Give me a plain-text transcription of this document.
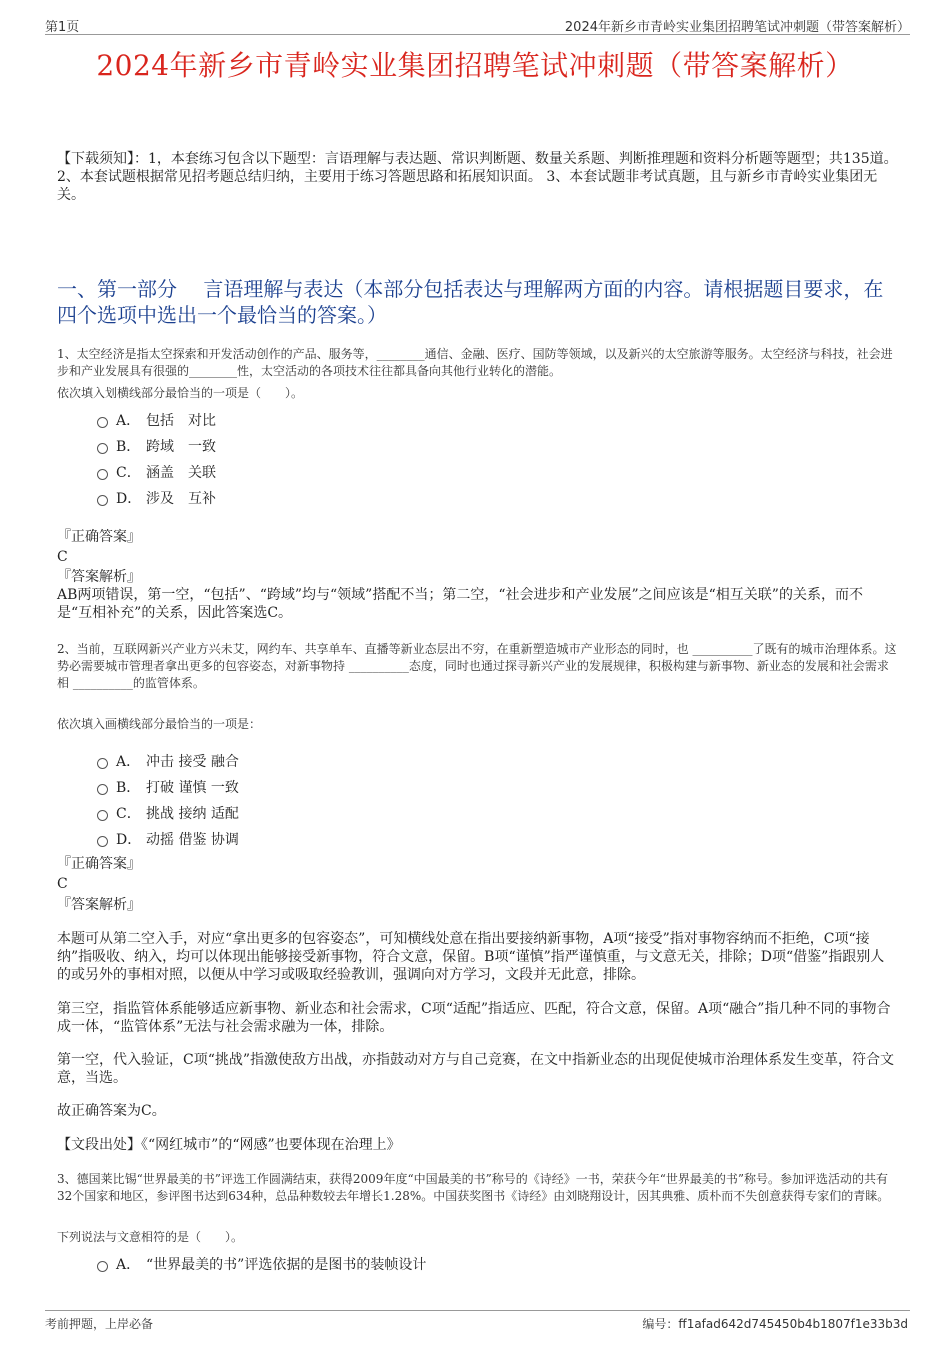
第1页	2024年新乡市青岭实业集团招聘笔试冲刺题（带答案解析）
2024年新乡市青岭实业集团招聘笔试冲刺题（带答案解析）
【下载须知】：1，本套练习包含以下题型：言语理解与表达题、常识判断题、数量关系题、判断推理题和资料分析题等题型；共135道。 2、本套试题根据常见招考题总结归纳，主要用于练习答题思路和拓展知识面。 3、本套试题非考试真题，且与新乡市青岭实业集团无关。
一、第一部分　 言语理解与表达（本部分包括表达与理解两方面的内容。请根据题目要求，在四个选项中选出一个最恰当的答案。）
1、太空经济是指太空探索和开发活动创作的产品、服务等，________通信、金融、医疗、国防等领域，以及新兴的太空旅游等服务。太空经济与科技，社会进步和产业发展具有很强的________性，太空活动的各项技术往往都具备向其他行业转化的潜能。
依次填入划横线部分最恰当的一项是（　　）。
A． 包括　对比
B． 跨域　一致
C． 涵盖　关联
D． 涉及　互补
『正确答案』
C
『答案解析』
AB两项错误，第一空，“包括”、“跨域”均与“领域”搭配不当；第二空，“社会进步和产业发展”之间应该是“相互关联”的关系，而不是“互相补充”的关系，因此答案选C。
2、当前，互联网新兴产业方兴未艾，网约车、共享单车、直播等新业态层出不穷，在重新塑造城市产业形态的同时，也 __________了既有的城市治理体系。这势必需要城市管理者拿出更多的包容姿态，对新事物持 __________态度，同时也通过探寻新兴产业的发展规律，积极构建与新事物、新业态的发展和社会需求相 __________的监管体系。
依次填入画横线部分最恰当的一项是：
A． 冲击 接受 融合
B． 打破 谨慎 一致
C． 挑战 接纳 适配
D． 动摇 借鉴 协调
『正确答案』
C
『答案解析』
本题可从第二空入手，对应“拿出更多的包容姿态”，可知横线处意在指出要接纳新事物，A项“接受”指对事物容纳而不拒绝，C项“接纳”指吸收、纳入，均可以体现出能够接受新事物，符合文意，保留。B项“谨慎”指严谨慎重，与文意无关，排除；D项“借鉴”指跟别人的或另外的事相对照，以便从中学习或吸取经验教训，强调向对方学习，文段并无此意，排除。
第三空，指监管体系能够适应新事物、新业态和社会需求，C项“适配”指适应、匹配，符合文意，保留。A项“融合”指几种不同的事物合成一体，“监管体系”无法与社会需求融为一体，排除。
第一空，代入验证，C项“挑战”指激使敌方出战，亦指鼓动对方与自己竞赛，在文中指新业态的出现促使城市治理体系发生变革，符合文意，当选。
故正确答案为C。
【文段出处】《“网红城市”的“网感”也要体现在治理上》
3、德国莱比锡“世界最美的书”评选工作圆满结束，获得2009年度“中国最美的书”称号的《诗经》一书，荣获今年“世界最美的书”称号。参加评选活动的共有32个国家和地区，参评图书达到634种，总品种数较去年增长1.28%。中国获奖图书《诗经》由刘晓翔设计，因其典雅、质朴而不失创意获得专家们的青睐。
下列说法与文意相符的是（　　）。
A． “世界最美的书”评选依据的是图书的装帧设计
考前押题，上岸必备	编号：ff1afad642d745450b4b1807f1e33b3d
